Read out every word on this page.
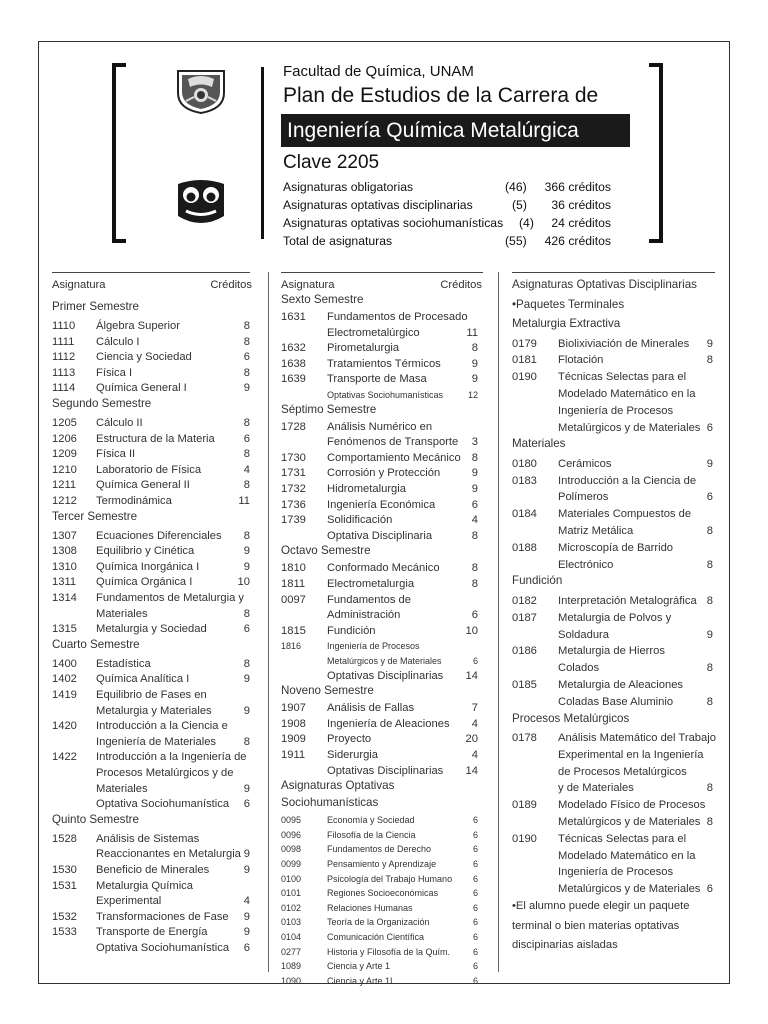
Facultad de Química, UNAM
Plan de Estudios de la Carrera de
Ingeniería Química Metalúrgica
Clave 2205
Asignaturas obligatorias	(46) 366 créditos
Asignaturas optativas disciplinarias	(5) 36 créditos
Asignaturas optativas sociohumanísticas (4) 24 créditos
Total de asignaturas	(55) 426 créditos
Asignatura	Créditos
Primer Semestre
1110 Álgebra Superior	8
1111 Cálculo I	8
1112 Ciencia y Sociedad	6
1113 Física I	8
1114 Química General I	9
Segundo Semestre
1205 Cálculo II	8
1206 Estructura de la Materia	6
1209 Física II	8
1210 Laboratorio de Física	4
1211 Química General II	8
1212 Termodinámica	11
Tercer Semestre
1307 Ecuaciones Diferenciales 8
1308 Equilibrio y Cinética	9
1310 Química Inorgánica I	9
1311 Química Orgánica I	10
1314 Fundamentos de Metalurgia y
Materiales	8
1315 Metalurgia y Sociedad	6
Cuarto Semestre
1400 Estadística	8
1402 Química Analítica I	9
1419 Equilibrio de Fases en
Metalurgia y Materiales	9
1420 Introducción a la Ciencia e
Ingeniería de Materiales 8
1422 Introducción a la Ingeniería de
Procesos Metalúrgicos y de
Materiales	9
Optativa Sociohumanística 6
Quinto Semestre
1528 Análisis de Sistemas
Reaccionantes en Metalurgia 9
1530 Beneficio de Minerales	9
1531 Metalurgia Química
Experimental	4
1532 Transformaciones de Fase 9
1533 Transporte de Energía	9
Optativa Sociohumanística 6
Asignatura	Créditos
Sexto Semestre
1631 Fundamentos de Procesado
Electrometalúrgico	11
1632 Pirometalurgia	8
1638 Tratamientos Térmicos	9
1639 Transporte de Masa	9
Optativas Sociohumanísticas	12
Séptimo Semestre
1728 Análisis Numérico en
Fenómenos de Transporte 3
1730 Comportamiento Mecánico 8
1731 Corrosión y Protección	9
1732 Hidrometalurgia	9
1736 Ingeniería Económica	6
1739 Solidificación	4
Optativa Disciplinaria	8
Octavo Semestre
1810 Conformado Mecánico	8
1811 Electrometalurgia	8
0097 Fundamentos de
Administración	6
1815 Fundición	10
1816	Ingeniería de Procesos
Metalúrgicos y de Materiales	6
Optativas Disciplinarias 14
Noveno Semestre
1907 Análisis de Fallas	7
1908 Ingeniería de Aleaciones 4
1909 Proyecto	20
1911 Siderurgia	4
Optativas Disciplinarias 14
Asignaturas Optativas
Sociohumanísticas
0095	Economía y Sociedad	6
0096	Filosofía de la Ciencia	6
0098	Fundamentos de Derecho	6
0099	Pensamiento y Aprendizaje	6
0100	Psicología del Trabajo Humano 6
0101	Regiones Socioeconómicas	6
0102	Relaciones Humanas	6
0103	Teoría de la Organización	6
0104	Comunicación Científica	6
0277	Historia y Filosofía de la Quím.	6
1089	Ciencia y Arte 1	6
1090	Ciencia y Arte 1I	6
Asignaturas Optativas Disciplinarias
•Paquetes Terminales
Metalurgia Extractiva
0179 Biolixiviación de Minerales 9
0181 Flotación	8
0190 Técnicas Selectas para el
Modelado Matemático en la
Ingeniería de Procesos
Metalúrgicos y de Materiales 6
Materiales
0180 Cerámicos	9
0183 Introducción a la Ciencia de
Polímeros	6
0184 Materiales Compuestos de
Matriz Metálica	8
0188 Microscopía de Barrido
Electrónico	8
Fundición
0182 Interpretación Metalográfica 8
0187 Metalurgia de Polvos y
Soldadura	9
0186 Metalurgia de Hierros
Colados	8
0185 Metalurgia de Aleaciones
Coladas Base Aluminio	8
Procesos Metalúrgicos
0178 Análisis Matemático del Trabajo
Experimental en la Ingeniería
de Procesos Metalúrgicos
y de Materiales	8
0189 Modelado Físico de Procesos
Metalúrgicos y de Materiales 8
0190 Técnicas Selectas para el
Modelado Matemático en la
Ingeniería de Procesos
Metalúrgicos y de Materiales 6
•El alumno puede elegir un paquete
terminal o bien materias optativas
discipinarias aisladas
